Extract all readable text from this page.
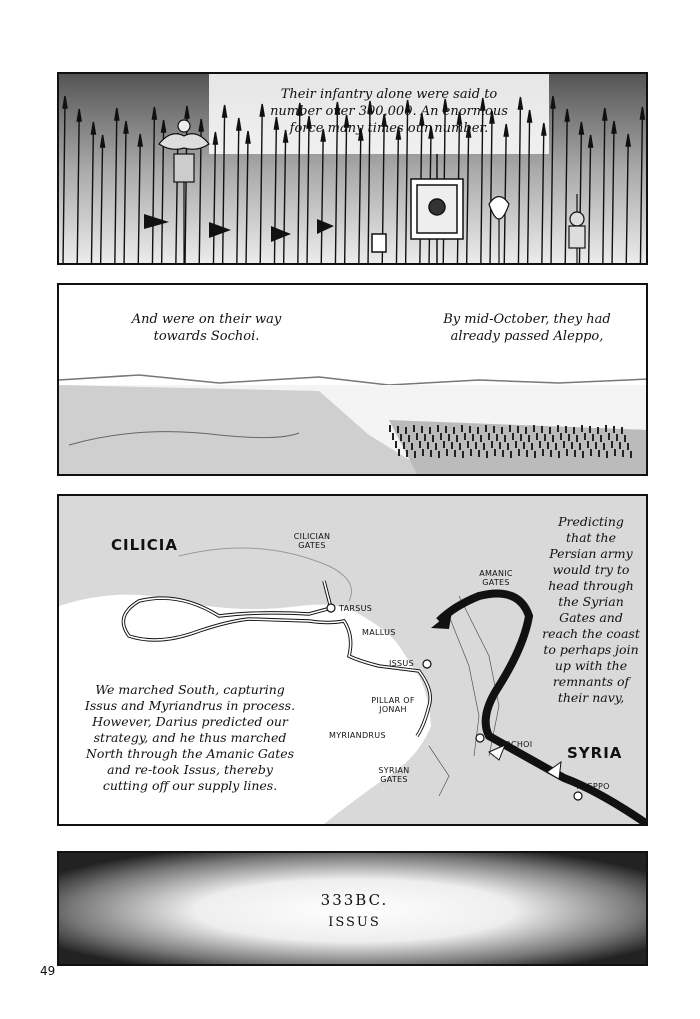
Their infantry alone were said to
number over 300,000. An enormous
force many times our number.
And were on their way
towards Sochoi.
By mid-October, they had
already passed Aleppo,
CILICIA
SYRIA
CILICIAN
GATES
TARSUS
MALLUS
ISSUS
PILLAR OF
JONAH
MYRIANDRUS
SYRIAN
GATES
AMANIC
GATES
SOCHOI
ALEPPO
We marched South, capturing
Issus and Myriandrus in process.
However, Darius predicted our
strategy, and he thus marched
North through the Amanic Gates
and re-took Issus, thereby
cutting off our supply lines.
Predicting
that the
Persian army
would try to
head through
the Syrian
Gates and
reach the coast
to perhaps join
up with the
remnants of
their navy,
333BC.
ISSUS
49
